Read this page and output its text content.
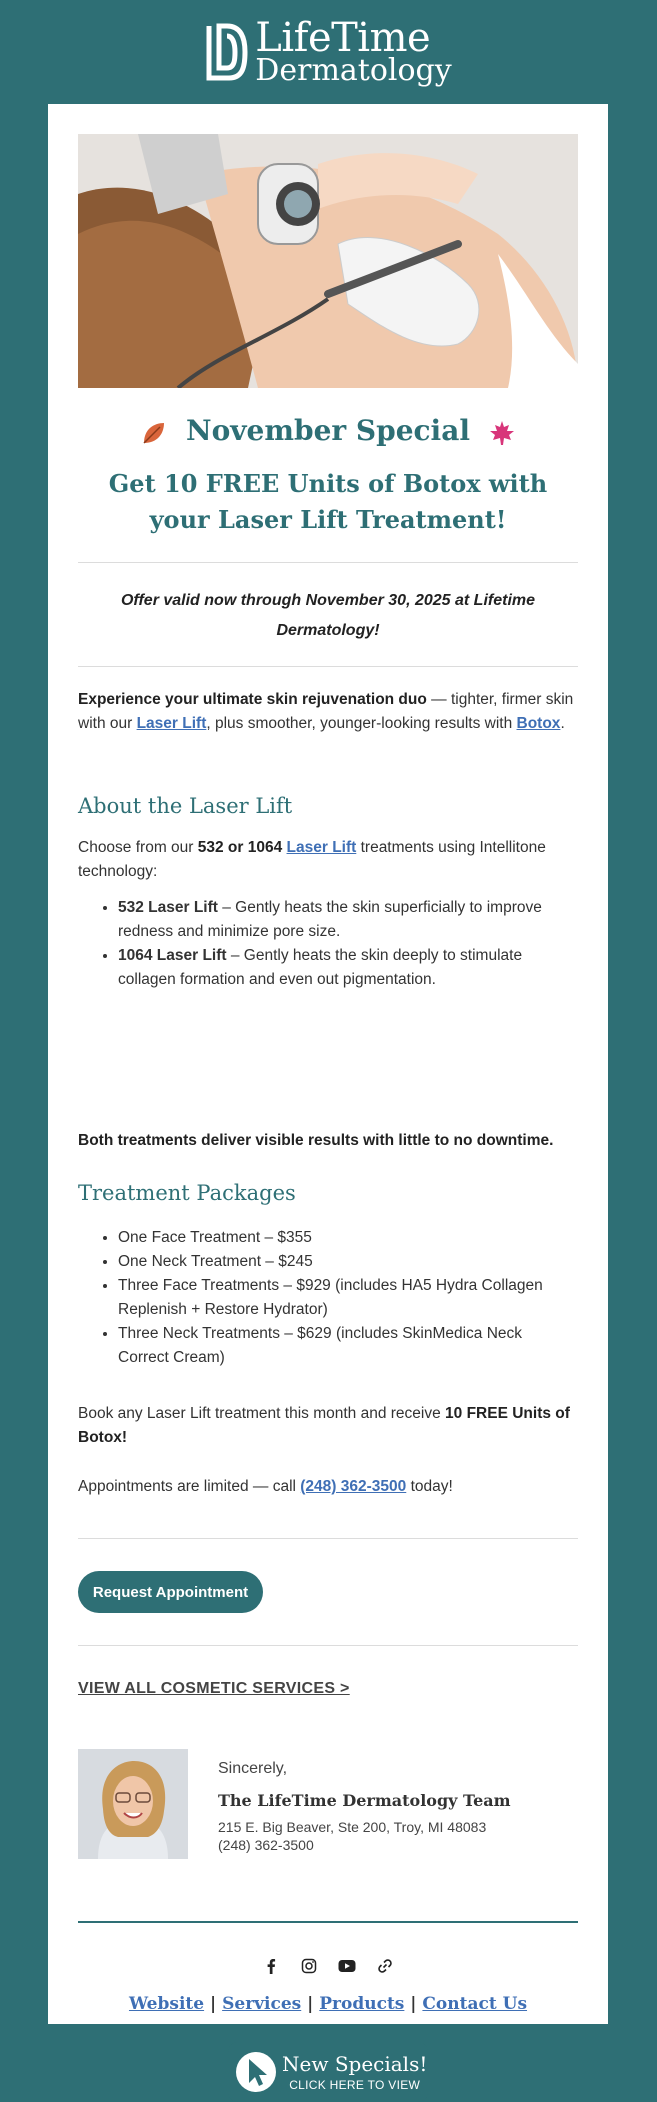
LifeTime
Dermatology
November Special
Get 10 FREE Units of Botox with your Laser Lift Treatment!
Offer valid now through November 30, 2025 at Lifetime Dermatology!
Experience your ultimate skin rejuvenation duo — tighter, firmer skin with our Laser Lift, plus smoother, younger-looking results with Botox.
About the Laser Lift
Choose from our 532 or 1064 Laser Lift treatments using Intellitone technology:
• 532 Laser Lift – Gently heats the skin superficially to improve redness and minimize pore size.
• 1064 Laser Lift – Gently heats the skin deeply to stimulate collagen formation and even out pigmentation.
Both treatments deliver visible results with little to no downtime.
Treatment Packages
• One Face Treatment – $355
• One Neck Treatment – $245
• Three Face Treatments – $929 (includes HA5 Hydra Collagen Replenish + Restore Hydrator)
• Three Neck Treatments – $629 (includes SkinMedica Neck Correct Cream)
Book any Laser Lift treatment this month and receive 10 FREE Units of Botox!
Appointments are limited — call (248) 362-3500 today!
Request Appointment
VIEW ALL COSMETIC SERVICES >
Sincerely,
The LifeTime Dermatology Team
215 E. Big Beaver, Ste 200, Troy, MI 48083
(248) 362-3500
Website | Services | Products | Contact Us
New Specials!
CLICK HERE TO VIEW
